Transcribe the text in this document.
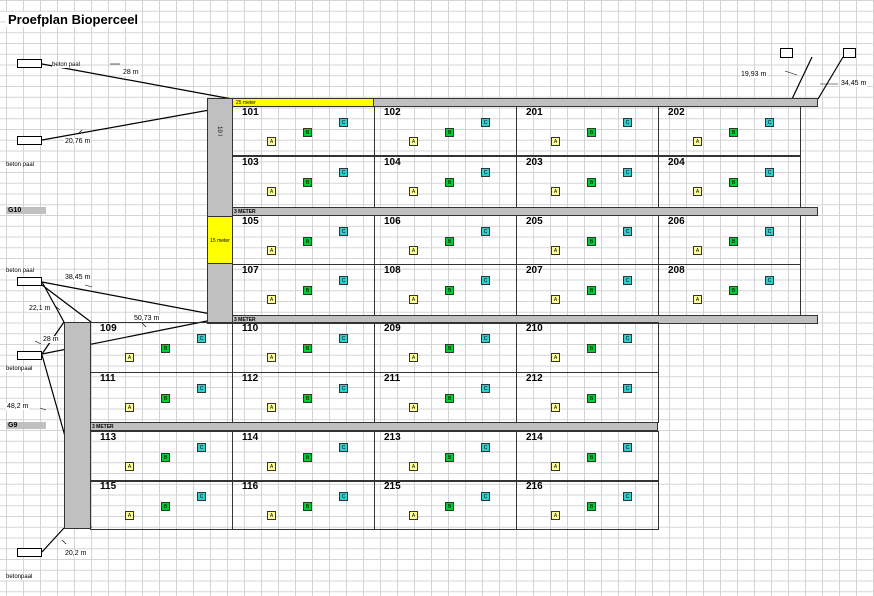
Proefplan Bioperceel
beton paal
beton paal
beton paal
betonpaal
betonpaal
28 m
20,76 m
19,93 m
34,45 m
38,45 m
22,1 m
50,73 m
28 m
48,2 m
20,2 m
G10
G9
3 METER
3 METER
3 METER
10 l
25 meter
15 meter
101
A
B
C
102
A
B
C
201
A
B
C
202
A
B
C
103
A
B
C
104
A
B
C
203
A
B
C
204
A
B
C
105
A
B
C
106
A
B
C
205
A
B
C
206
A
B
C
107
A
B
C
108
A
B
C
207
A
B
C
208
A
B
C
109
A
B
C
110
A
B
C
209
A
B
C
210
A
B
C
111
A
B
C
112
A
B
C
211
A
B
C
212
A
B
C
113
A
B
C
114
A
B
C
213
A
B
C
214
A
B
C
115
A
B
C
116
A
B
C
215
A
B
C
216
A
B
C
